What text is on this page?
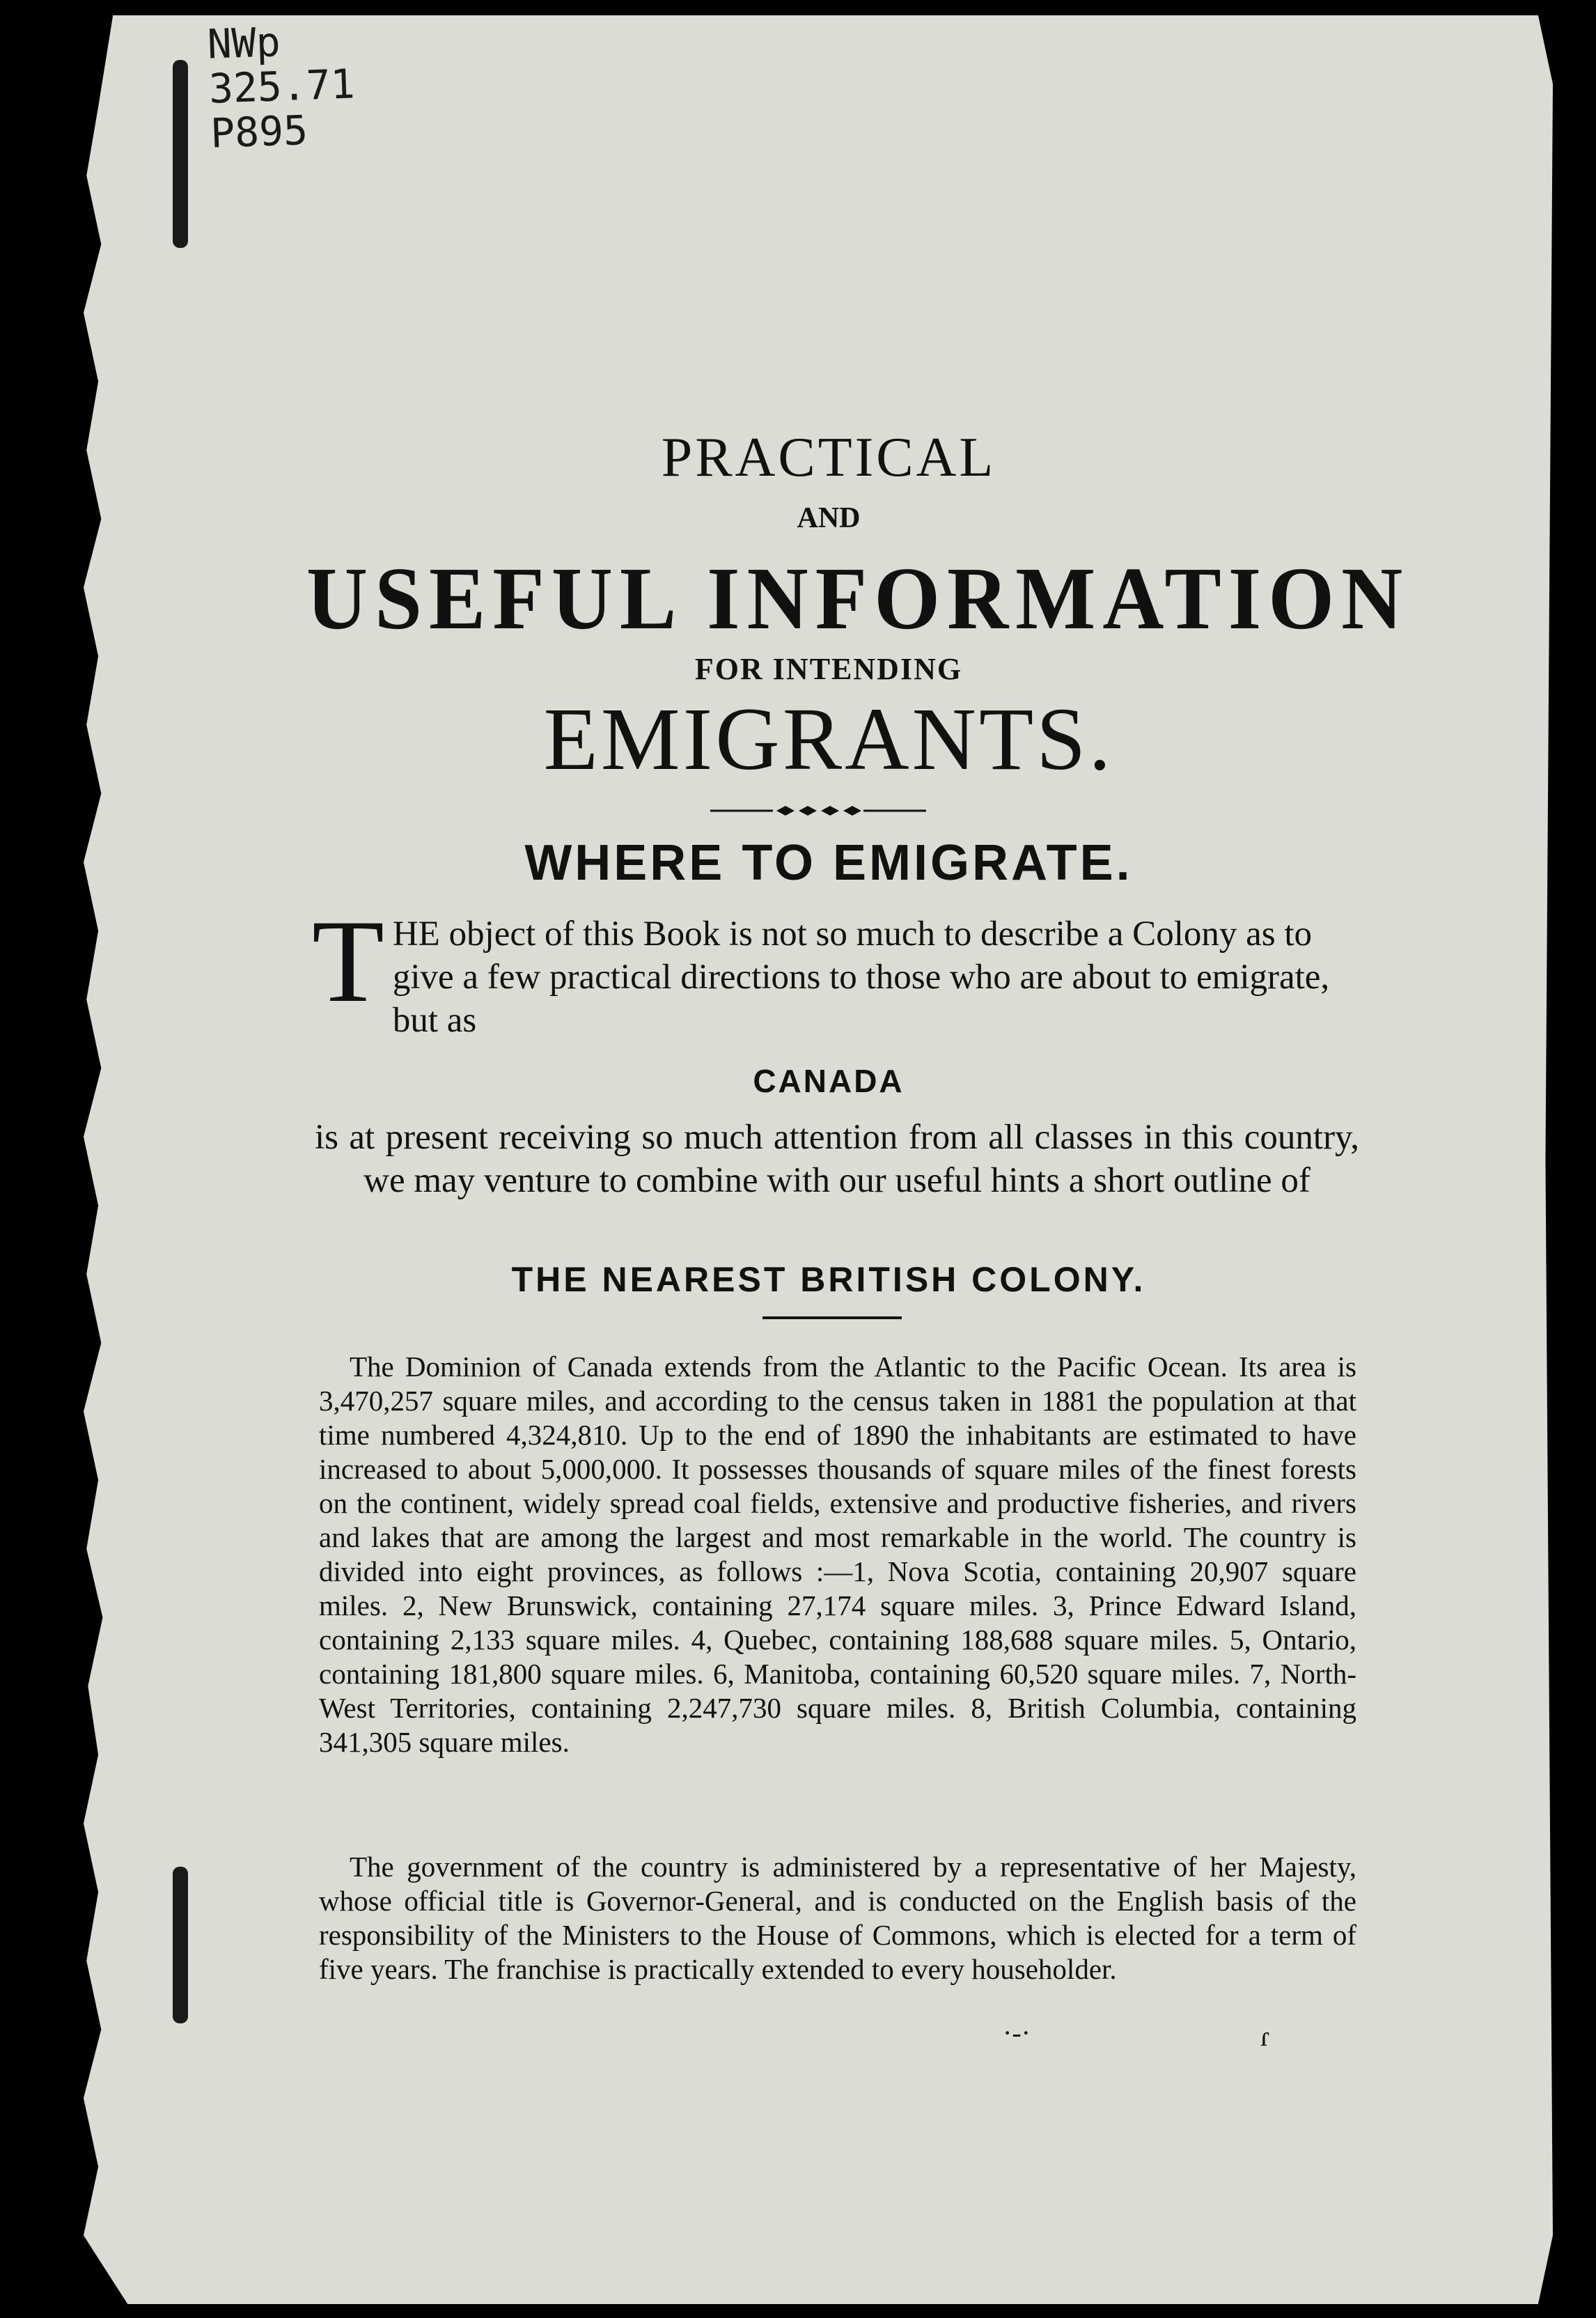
NWp
325.71
P895
PRACTICAL
AND
USEFUL INFORMATION
FOR INTENDING
EMIGRANTS.
WHERE TO EMIGRATE.
T HE object of this Book is not so much to describe a Colony as to give a few practical directions to those who are about to emigrate, but as
CANADA
is at present receiving so much attention from all classes in this country, we may venture to combine with our useful hints a short outline of
THE NEAREST BRITISH COLONY.

The Dominion of Canada extends from the Atlantic to the Pacific Ocean. Its area is 3,470,257 square miles, and according to the census taken in 1881 the population at that time numbered 4,324,810. Up to the end of 1890 the inhabitants are estimated to have increased to about 5,000,000. It possesses thousands of square miles of the finest forests on the continent, widely spread coal fields, extensive and productive fisheries, and rivers and lakes that are among the largest and most remarkable in the world. The country is divided into eight provinces, as follows :—1, Nova Scotia, containing 20,907 square miles. 2, New Brunswick, containing 27,174 square miles. 3, Prince Edward Island, containing 2,133 square miles. 4, Quebec, containing 188,688 square miles. 5, Ontario, containing 181,800 square miles. 6, Manitoba, containing 60,520 square miles. 7, North-West Territories, containing 2,247,730 square miles. 8, British Columbia, containing 341,305 square miles.

The government of the country is administered by a representative of her Majesty, whose official title is Governor-General, and is conducted on the English basis of the responsibility of the Ministers to the House of Commons, which is elected for a term of five years. The franchise is practically extended to every householder.

·-·	ɾ
